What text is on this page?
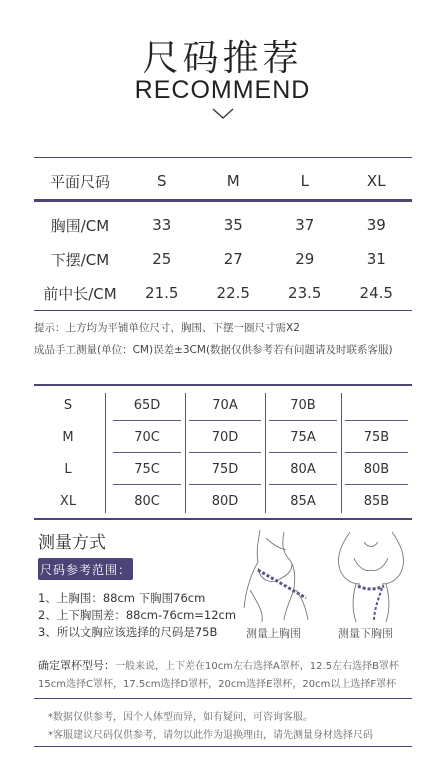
尺码推荐
RECOMMEND
平面尺码	S	M	L	XL
胸围/CM	33	35	37	39
下摆/CM	25	27	29	31
前中长/CM	21.5	22.5	23.5	24.5
提示：上方均为平铺单位尺寸，胸围、下摆一圈尺寸需X2
成品手工测量(单位：CM)误差±3CM(数据仅供参考若有问题请及时联系客服)
S	65D	70A	70B
M	70C	70D	75A	75B
L	75C	75D	80A	80B
XL	80C	80D	85A	85B
测量方式
尺码参考范围：
1、上胸围：88cm 下胸围76cm
2、上下胸围差：88cm-76cm=12cm
3、所以文胸应该选择的尺码是75B	测量上胸围	测量下胸围
确定罩杯型号：一般来说，上下差在10cm左右选择A罩杯，12.5左右选择B罩杯
15cm选择C罩杯，17.5cm选择D罩杯，20cm选择E罩杯，20cm以上选择F罩杯
*数据仅供参考，因个人体型而异，如有疑问，可咨询客服。
*客服建议尺码仅供参考，请勿以此作为退换理由，请先测量身材选择尺码
